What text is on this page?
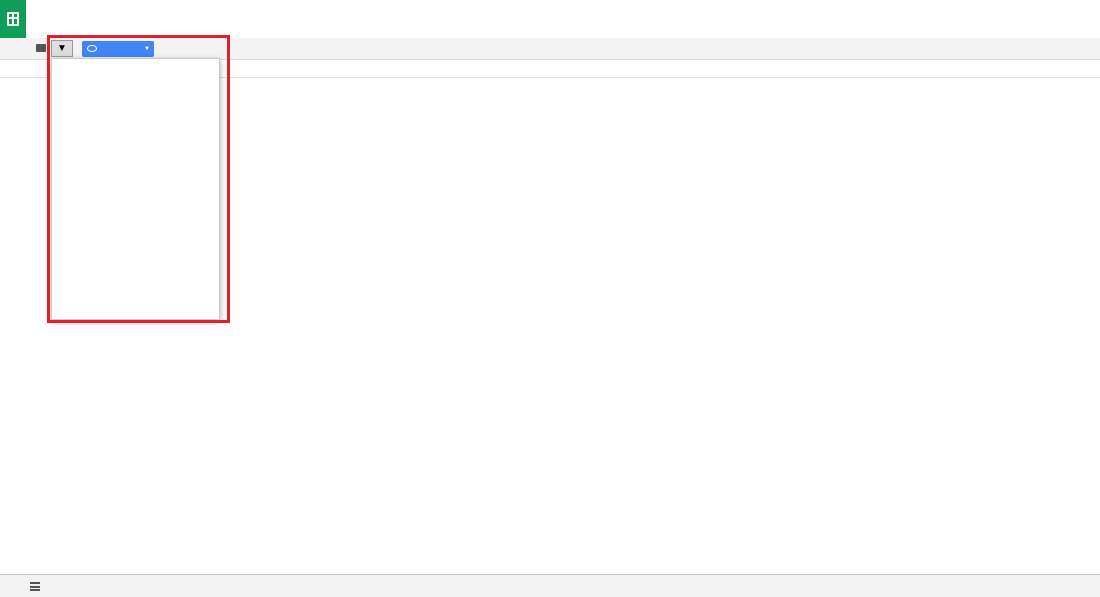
▼	▼
